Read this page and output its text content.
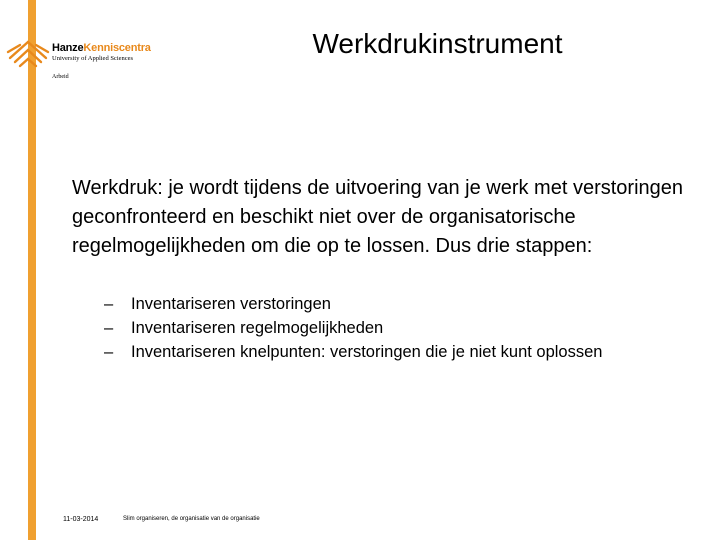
HanzeKenniscentra
University of Applied Sciences
Arbeid
Werkdrukinstrument
Werkdruk: je wordt tijdens de uitvoering van je werk met verstoringen geconfronteerd en beschikt niet over de organisatorische regelmogelijkheden om die op te lossen. Dus drie stappen:
– Inventariseren verstoringen
– Inventariseren regelmogelijkheden
– Inventariseren knelpunten: verstoringen die je niet kunt oplossen
11-03-2014	Slim organiseren, de organisatie van de organisatie
